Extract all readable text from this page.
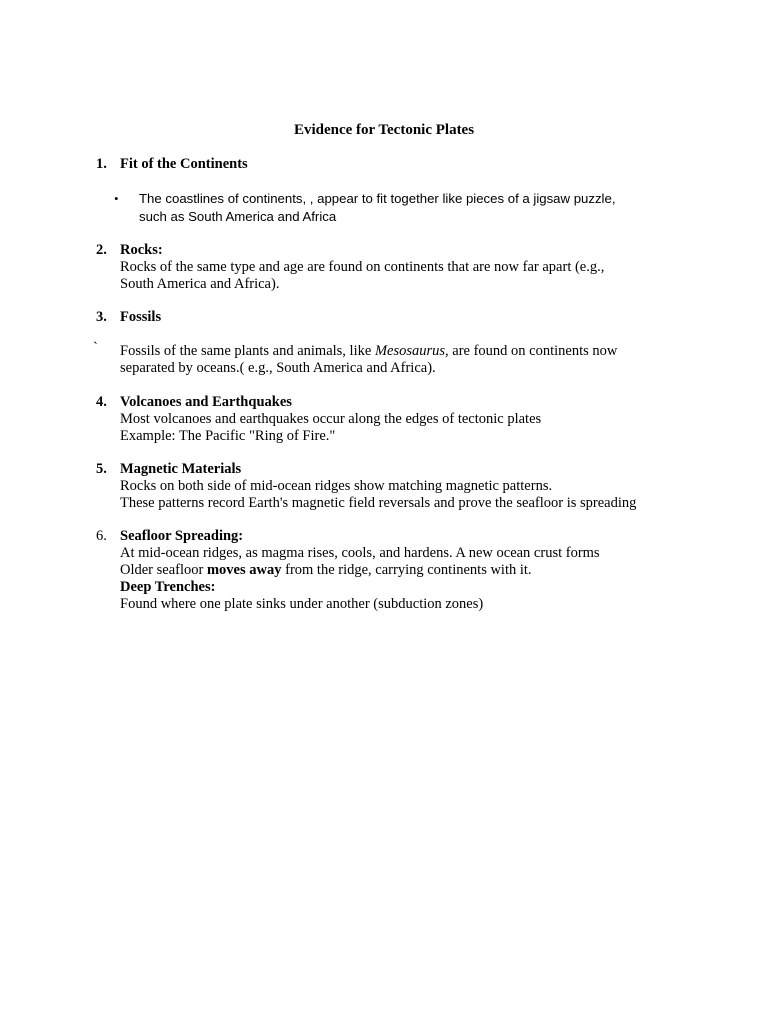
Evidence for Tectonic Plates
1. Fit of the Continents
• The coastlines of continents, , appear to fit together like pieces of a jigsaw puzzle,
such as South America and Africa
2. Rocks:
Rocks of the same type and age are found on continents that are now far apart (e.g.,
South America and Africa).
3. Fossils
` Fossils of the same plants and animals, like Mesosaurus, are found on continents now
separated by oceans.( e.g., South America and Africa).
4. Volcanoes and Earthquakes
Most volcanoes and earthquakes occur along the edges of tectonic plates
Example: The Pacific "Ring of Fire."
5. Magnetic Materials
Rocks on both side of mid-ocean ridges show matching magnetic patterns.
These patterns record Earth's magnetic field reversals and prove the seafloor is spreading
6. Seafloor Spreading:
At mid-ocean ridges, as magma rises, cools, and hardens. A new ocean crust forms
Older seafloor moves away from the ridge, carrying continents with it.
Deep Trenches:
Found where one plate sinks under another (subduction zones)
